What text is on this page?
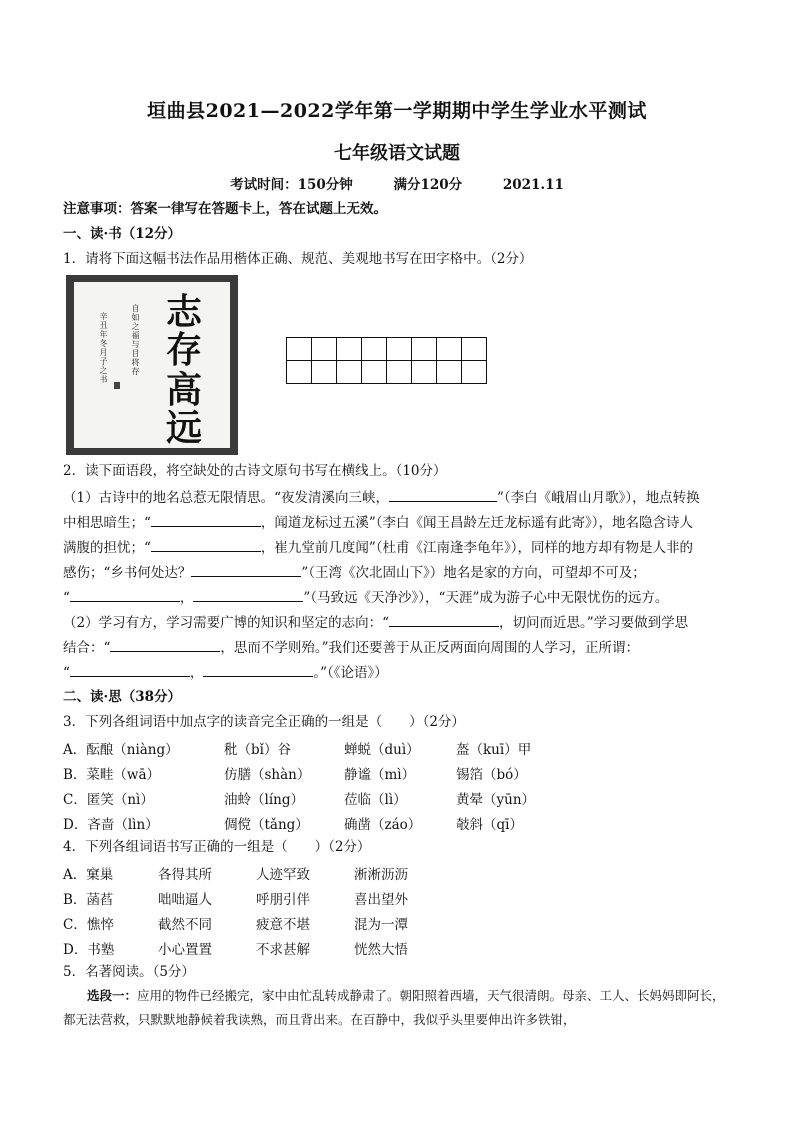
垣曲县2021—2022学年第一学期期中学生学业水平测试
七年级语文试题
考试时间：150分钟	满分120分	2021.11
注意事项：答案一律写在答题卡上，答在试题上无效。
一、读·书（12分）
1．请将下面这幅书法作品用楷体正确、规范、美观地书写在田字格中。（2分）
志
存
高
远
自如之福与目将存
辛丑年冬月子之书
2．读下面语段，将空缺处的古诗文原句书写在横线上。（10分）
（1）古诗中的地名总惹无限情思。“夜发清溪向三峡，	”（李白《峨眉山月歌》），地点转换
中相思暗生；“	，闻道龙标过五溪”（李白《闻王昌龄左迁龙标遥有此寄》），地名隐含诗人
满腹的担忧；“	，崔九堂前几度闻”（杜甫《江南逢李龟年》），同样的地方却有物是人非的
感伤；“乡书何处达？	”（王湾《次北固山下》）地名是家的方向，可望却不可及；
“	，	”（马致远《天净沙》），“天涯”成为游子心中无限忧伤的远方。
（2）学习有方，学习需要广博的知识和坚定的志向：“	，切问而近思。”学习要做到学思
结合：“	，思而不学则殆。”我们还要善于从正反两面向周围的人学习，正所谓：
“	，	。”（《论语》）
二、读·思（38分）
3．下列各组词语中加点字的读音完全正确的一组是（　　）（2分）
A．酝酿（niàng）	秕（bǐ）谷	蝉蜕（duì）	盔（kuī）甲
B．菜畦（wā）	仿膳（shàn） 静谧（mì）	锡箔（bó）
C．匿笑（nì）	油蛉（líng）	莅临（lì）	黄晕（yūn）
D．吝啬（lìn）	倜傥（tǎng）	确凿（záo）	攲斜（qī）
4．下列各组词语书写正确的一组是（　　）（2分）
A．窠巢	各得其所	人迹罕致	淅淅沥沥
B．菡萏	咄咄逼人	呼朋引伴	喜出望外
C．憔悴	截然不同	疲意不堪	混为一潭
D．书塾	小心置置	不求甚解	恍然大悟
5．名著阅读。（5分）
选段一：应用的物件已经搬完，家中由忙乱转成静肃了。朝阳照着西墙，天气很清朗。母亲、工人、长妈妈即阿长，都无法营救，只默默地静候着我读熟，而且背出来。在百静中，我似乎头里要伸出许多铁钳，
